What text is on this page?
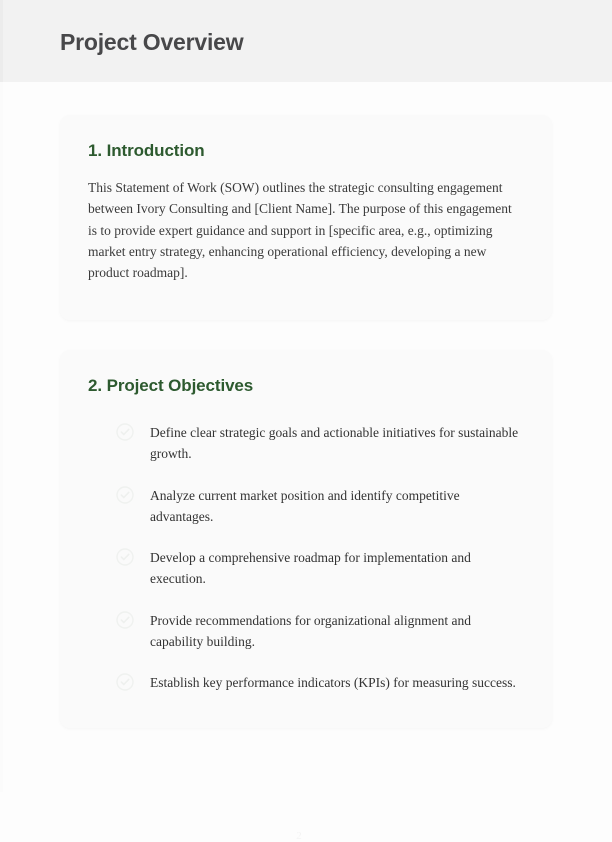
Project Overview
1. Introduction

This Statement of Work (SOW) outlines the strategic consulting engagement between Ivory Consulting and [Client Name]. The purpose of this engagement is to provide expert guidance and support in [specific area, e.g., optimizing market entry strategy, enhancing operational efficiency, developing a new product roadmap].

2. Project Objectives
Define clear strategic goals and actionable initiatives for sustainable growth.
Analyze current market position and identify competitive advantages.
Develop a comprehensive roadmap for implementation and execution.
Provide recommendations for organizational alignment and capability building.
Establish key performance indicators (KPIs) for measuring success.
2
